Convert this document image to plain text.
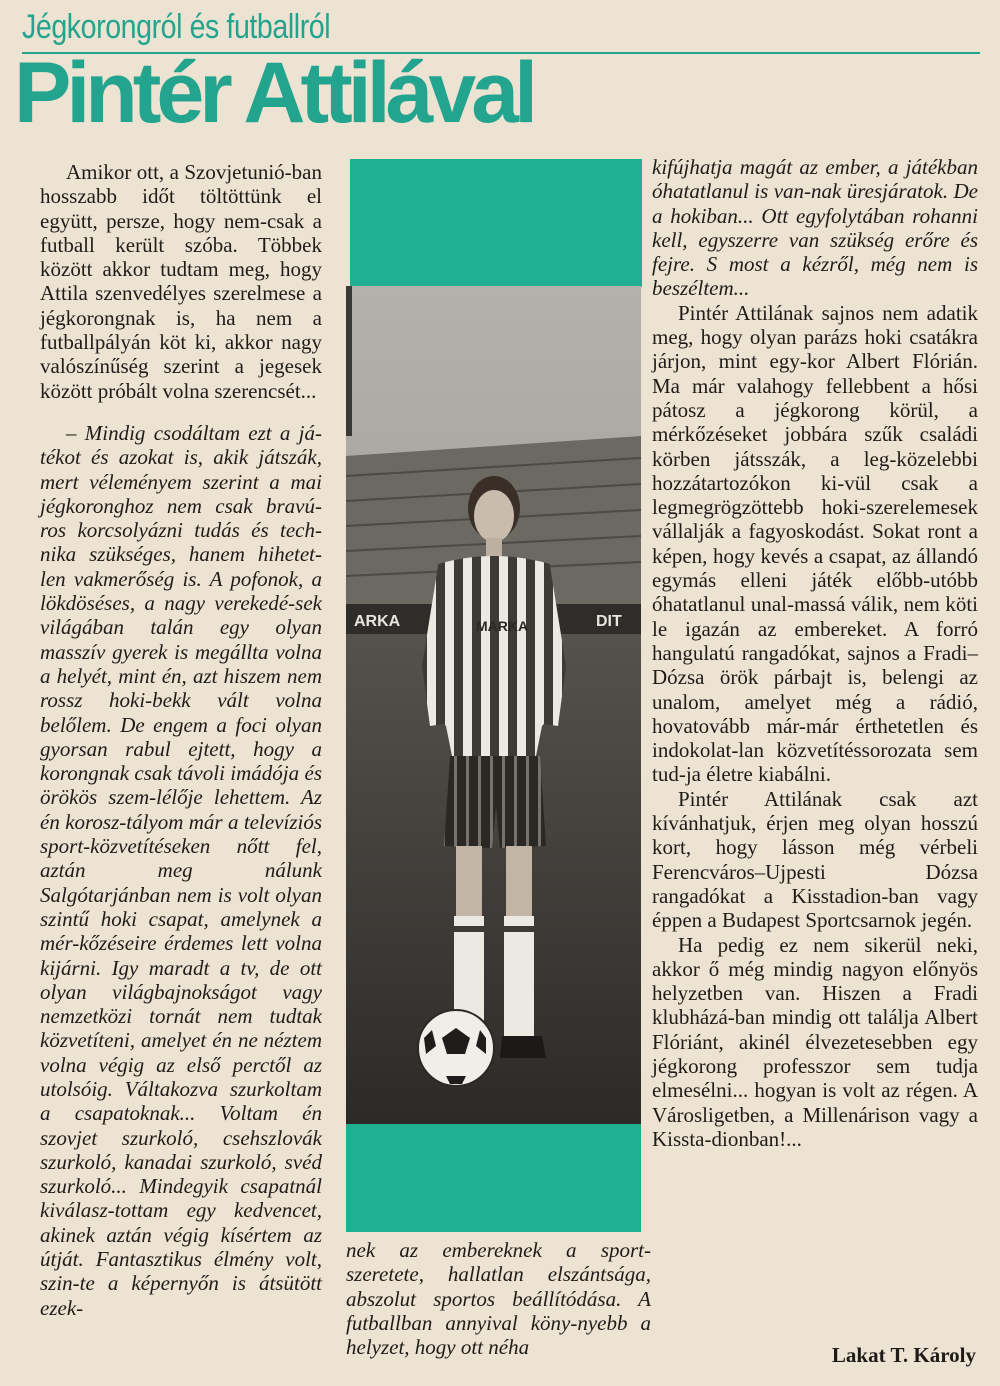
Jégkorongról és futballról
Pintér Attilával

Amikor ott, a Szovjetunió-ban hosszabb időt töltöttünk el együtt, persze, hogy nem-csak a futball került szóba. Többek között akkor tudtam meg, hogy Attila szenvedélyes szerelmese a jégkorongnak is, ha nem a futballpályán köt ki, akkor nagy valószínűség szerint a jegesek között próbált volna szerencsét...

– Mindig csodáltam ezt a já-tékot és azokat is, akik játszák, mert véleményem szerint a mai jégkoronghoz nem csak bravú-ros korcsolyázni tudás és tech-nika szükséges, hanem hihetet-len vakmerőség is. A pofonok, a lökdöséses, a nagy verekedé-sek világában talán egy olyan masszív gyerek is megállta volna a helyét, mint én, azt hiszem nem rossz hoki-bekk vált volna belőlem. De engem a foci olyan gyorsan rabul ejtett, hogy a korongnak csak távoli imádója és örökös szem-lélője lehettem. Az én korosz-tályom már a televíziós sport-közvetítéseken nőtt fel, aztán meg nálunk Salgótarjánban nem is volt olyan szintű hoki csapat, amelynek a mér-kőzéseire érdemes lett volna kijárni. Igy maradt a tv, de ott olyan világbajnokságot vagy nemzetközi tornát nem tudtak közvetíteni, amelyet én ne néztem volna végig az első perctől az utolsóig. Váltakozva szurkoltam a csapatoknak... Voltam én szovjet szurkoló, csehszlovák szurkoló, kanadai szurkoló, svéd szurkoló... Mindegyik csapatnál kiválasz-tottam egy kedvencet, akinek aztán végig kísértem az útját. Fantasztikus élmény volt, szin-te a képernyőn is átsütött ezek-

ARKA	DIT
MARKA

nek az embereknek a sport-szeretete, hallatlan elszántsága, abszolut sportos beállítódása. A futballban annyival köny-nyebb a helyzet, hogy ott néha

kifújhatja magát az ember, a játékban óhatatlanul is van-nak üresjáratok. De a hokiban... Ott egyfolytában rohanni kell, egyszerre van szükség erőre és fejre. S most a kézről, még nem is beszéltem...

Pintér Attilának sajnos nem adatik meg, hogy olyan parázs hoki csatákra járjon, mint egy-kor Albert Flórián. Ma már valahogy fellebbent a hősi pátosz a jégkorong körül, a mérkőzéseket jobbára szűk családi körben játsszák, a leg-közelebbi hozzátartozókon ki-vül csak a legmegrögzöttebb hoki-szerelemesek vállalják a fagyoskodást. Sokat ront a képen, hogy kevés a csapat, az állandó egymás elleni játék előbb-utóbb óhatatlanul unal-massá válik, nem köti le igazán az embereket. A forró hangulatú rangadókat, sajnos a Fradi–Dózsa örök párbajt is, belengi az unalom, amelyet még a rádió, hovatovább már-már érthetetlen és indokolat-lan közvetítéssorozata sem tud-ja életre kiabálni.

Pintér Attilának csak azt kívánhatjuk, érjen meg olyan hosszú kort, hogy lásson még vérbeli Ferencváros–Ujpesti Dózsa rangadókat a Kisstadion-ban vagy éppen a Budapest Sportcsarnok jegén.

Ha pedig ez nem sikerül neki, akkor ő még mindig nagyon előnyös helyzetben van. Hiszen a Fradi klubházá-ban mindig ott találja Albert Flóriánt, akinél élvezetesebben egy jégkorong professzor sem tudja elmesélni... hogyan is volt az régen. A Városligetben, a Millenárison vagy a Kissta-dionban!...

Lakat T. Károly
